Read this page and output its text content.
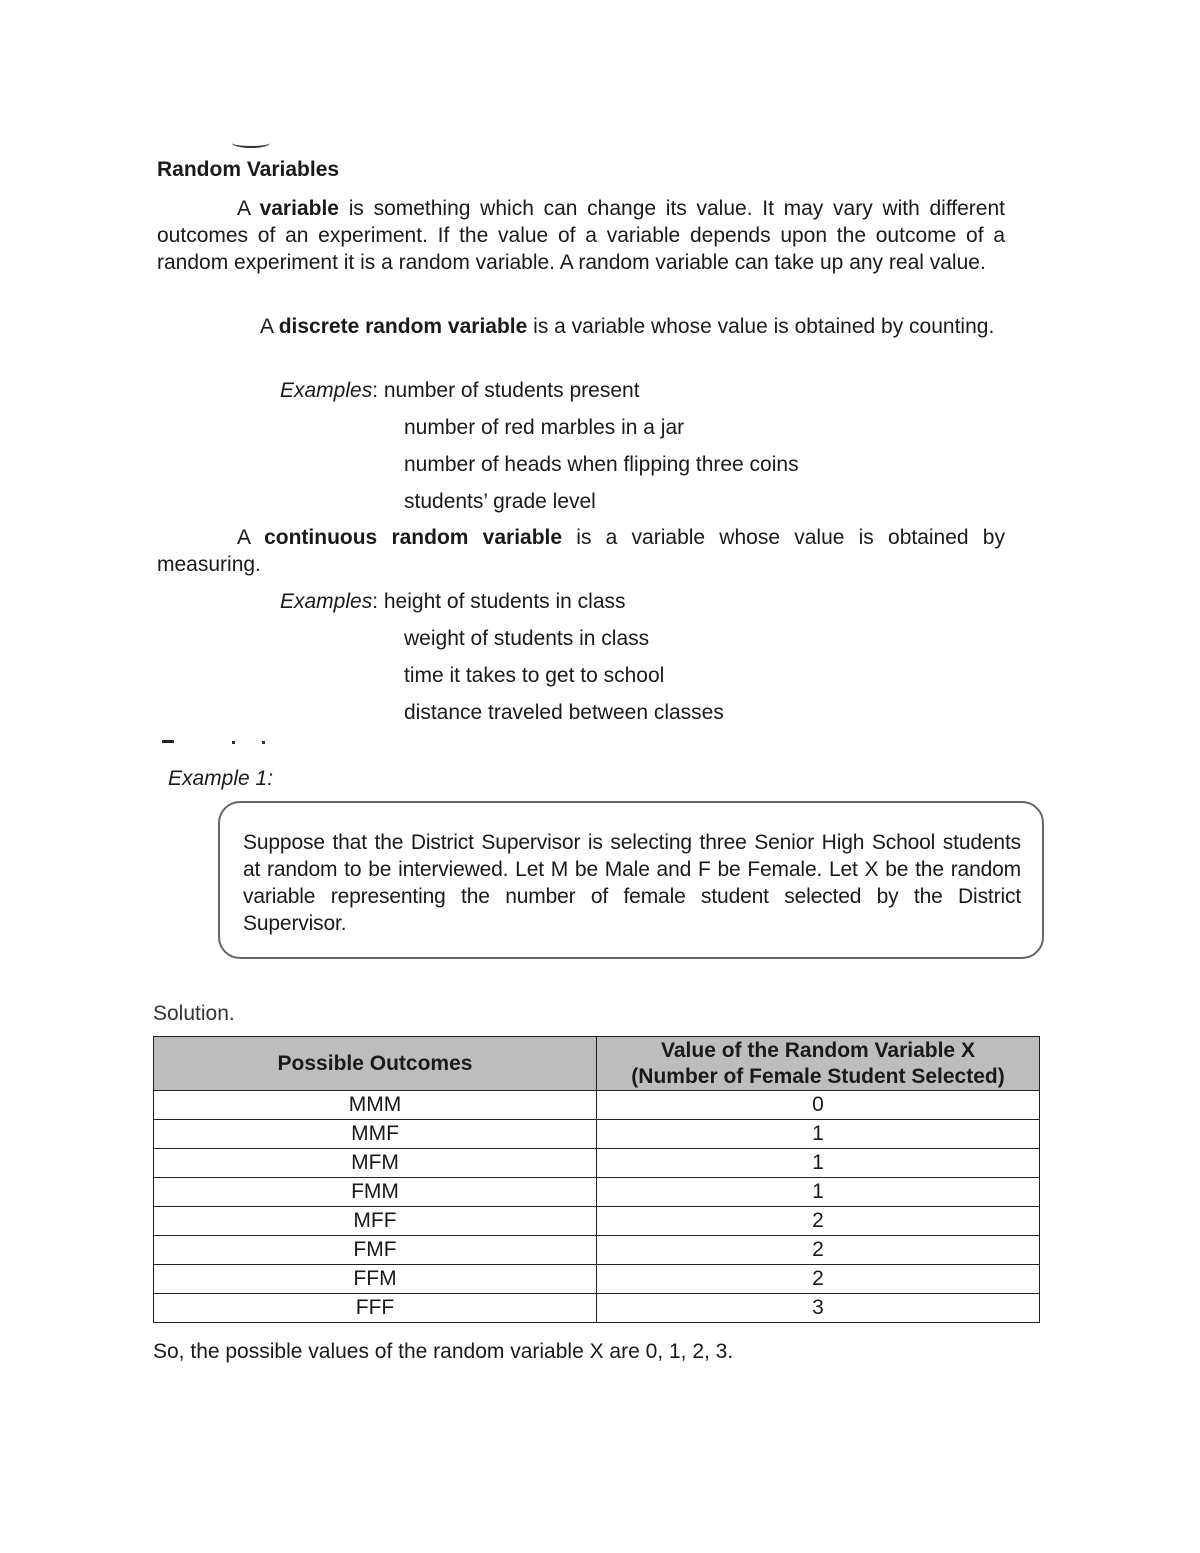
Random Variables
A variable is something which can change its value. It may vary with different outcomes of an experiment. If the value of a variable depends upon the outcome of a random experiment it is a random variable. A random variable can take up any real value.
A discrete random variable is a variable whose value is obtained by counting.
Examples: number of students present
number of red marbles in a jar
number of heads when flipping three coins
students’ grade level
A continuous random variable is a variable whose value is obtained by measuring.
Examples: height of students in class
weight of students in class
time it takes to get to school
distance traveled between classes
Example 1:
Suppose that the District Supervisor is selecting three Senior High School students at random to be interviewed. Let M be Male and F be Female. Let X be the random variable representing the number of female student selected by the District Supervisor.
Solution.
Possible Outcomes	Value of the Random Variable X
(Number of Female Student Selected)
MMM	0
MMF	1
MFM	1
FMM	1
MFF	2
FMF	2
FFM	2
FFF	3
So, the possible values of the random variable X are 0, 1, 2, 3.
